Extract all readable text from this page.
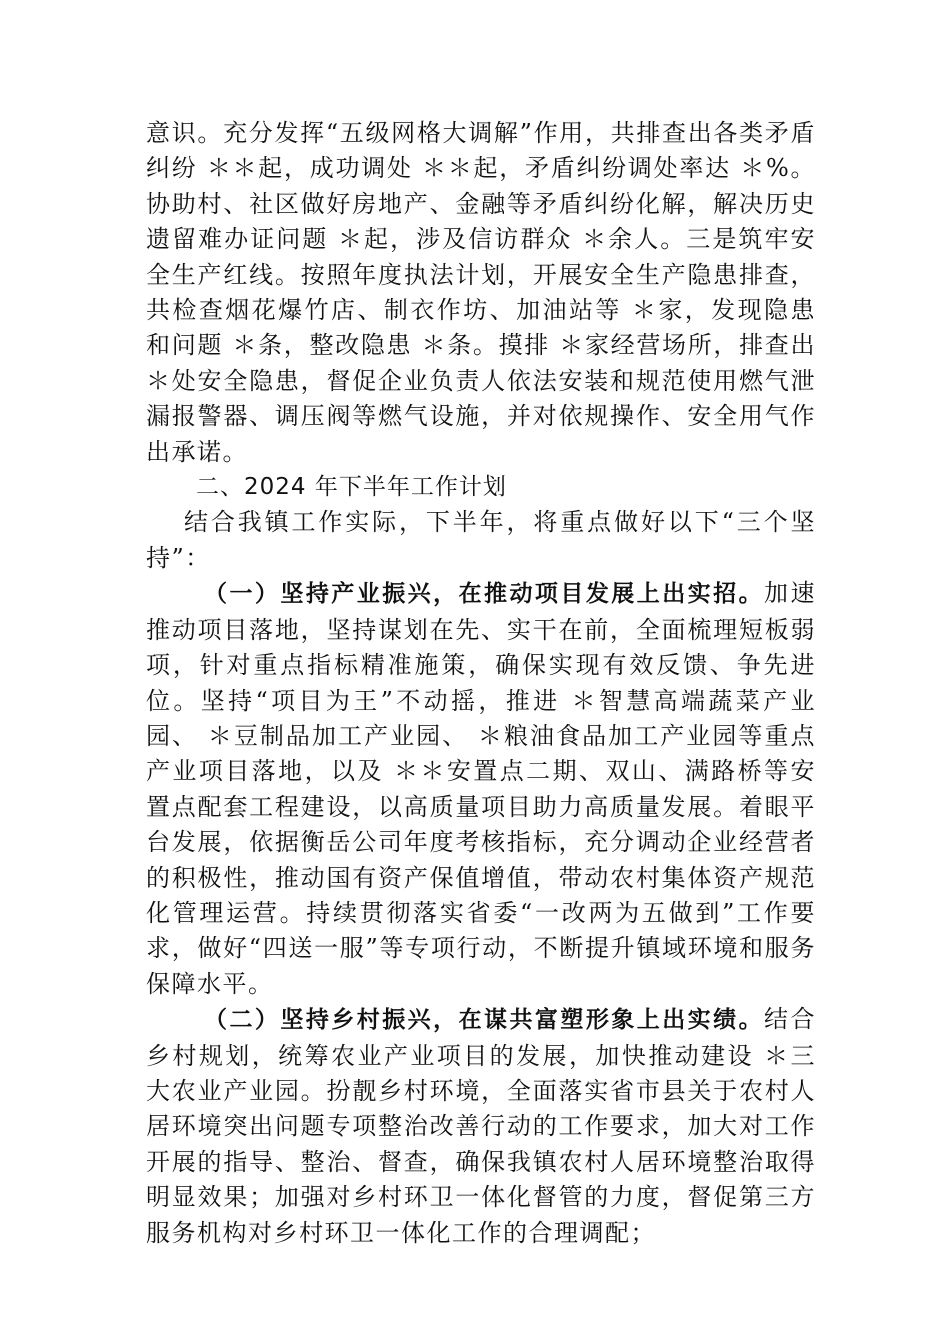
意识。充分发挥“五级网格大调解”作用，共排查出各类矛盾纠纷 ＊＊起，成功调处 ＊＊起，矛盾纠纷调处率达 ＊%。协助村、社区做好房地产、金融等矛盾纠纷化解，解决历史遗留难办证问题 ＊起，涉及信访群众 ＊余人。三是筑牢安全生产红线。按照年度执法计划，开展安全生产隐患排查，共检查烟花爆竹店、制衣作坊、加油站等 ＊家，发现隐患和问题 ＊条，整改隐患 ＊条。摸排 ＊家经营场所，排查出 ＊处安全隐患，督促企业负责人依法安装和规范使用燃气泄漏报警器、调压阀等燃气设施，并对依规操作、安全用气作出承诺。

二、2024 年下半年工作计划

结合我镇工作实际，下半年，将重点做好以下“三个坚持”：

（一）坚持产业振兴，在推动项目发展上出实招。加速推动项目落地，坚持谋划在先、实干在前，全面梳理短板弱项，针对重点指标精准施策，确保实现有效反馈、争先进位。坚持“项目为王”不动摇，推进 ＊智慧高端蔬菜产业园、 ＊豆制品加工产业园、 ＊粮油食品加工产业园等重点产业项目落地，以及 ＊＊安置点二期、双山、满路桥等安置点配套工程建设，以高质量项目助力高质量发展。着眼平台发展，依据衡岳公司年度考核指标，充分调动企业经营者的积极性，推动国有资产保值增值，带动农村集体资产规范化管理运营。持续贯彻落实省委“一改两为五做到”工作要求，做好“四送一服”等专项行动，不断提升镇域环境和服务保障水平。

（二）坚持乡村振兴，在谋共富塑形象上出实绩。结合乡村规划，统筹农业产业项目的发展，加快推动建设 ＊三大农业产业园。扮靓乡村环境，全面落实省市县关于农村人居环境突出问题专项整治改善行动的工作要求，加大对工作开展的指导、整治、督查，确保我镇农村人居环境整治取得明显效果；加强对乡村环卫一体化督管的力度，督促第三方服务机构对乡村环卫一体化工作的合理调配；
